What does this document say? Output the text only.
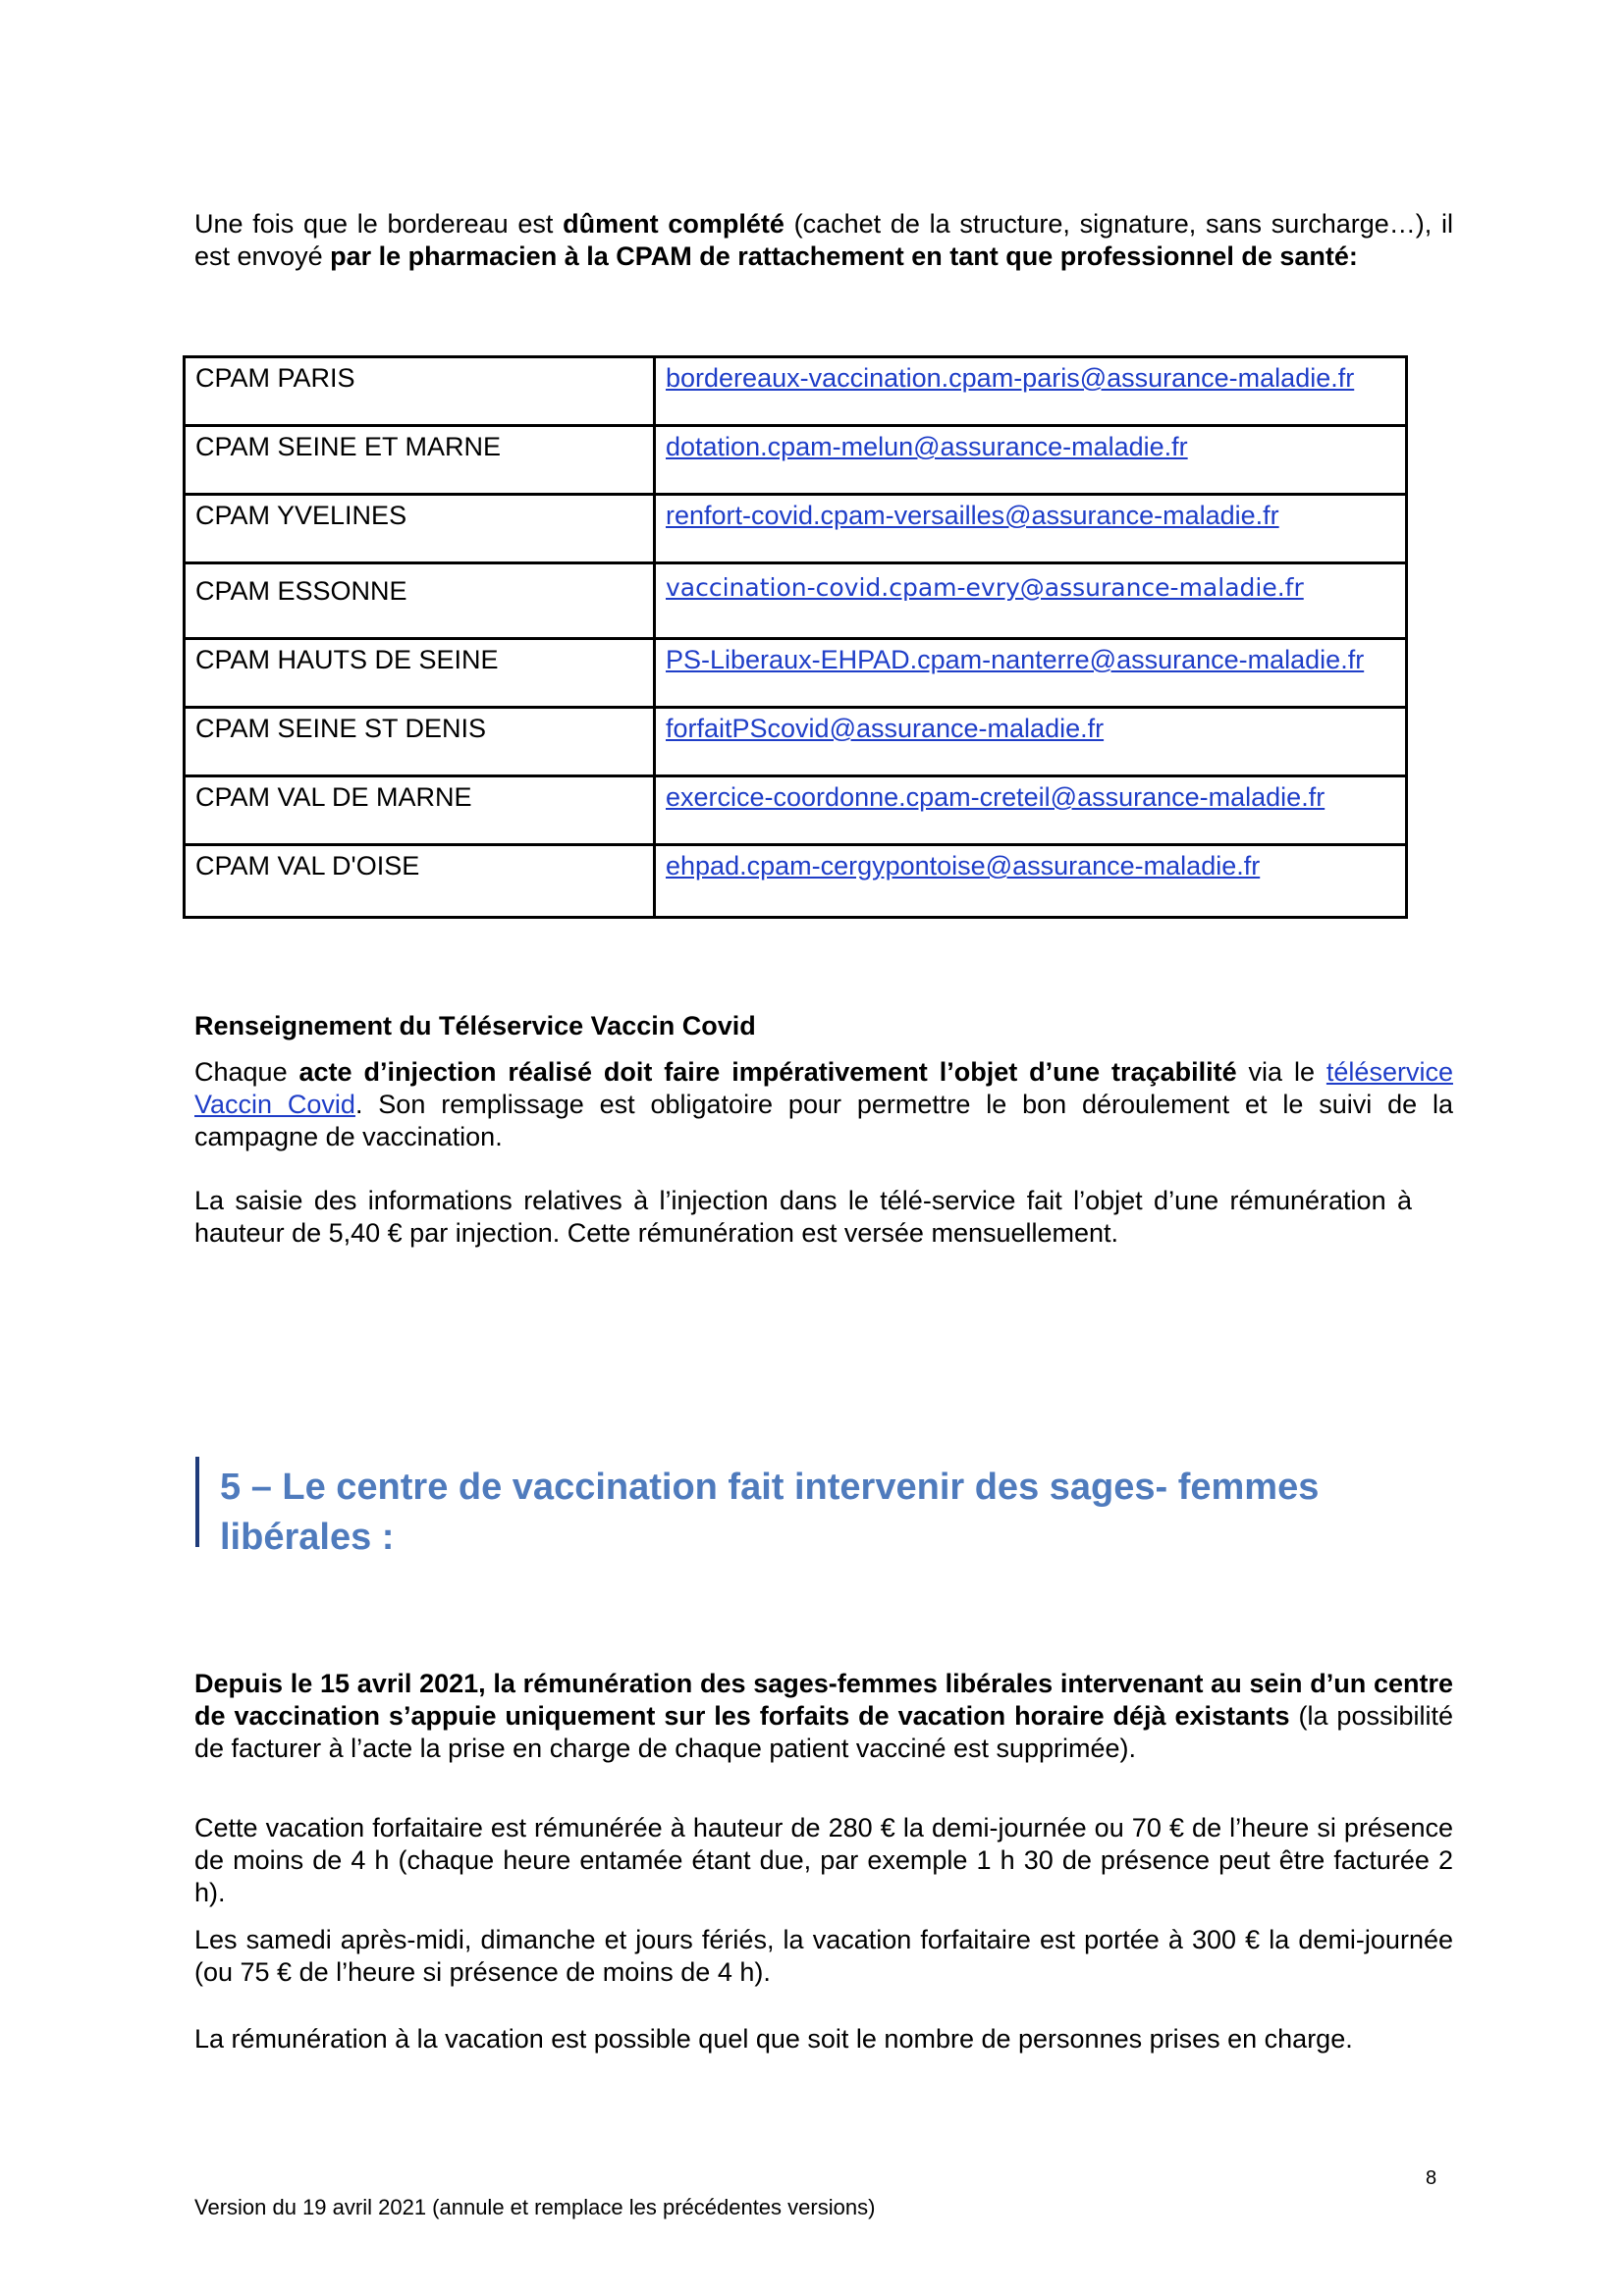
Une fois que le bordereau est dûment complété (cachet de la structure, signature, sans surcharge…), il est envoyé par le pharmacien à la CPAM de rattachement en tant que professionnel de santé:

CPAM PARIS	bordereaux-vaccination.cpam-paris@assurance-maladie.fr
CPAM SEINE ET MARNE	dotation.cpam-melun@assurance-maladie.fr
CPAM YVELINES	renfort-covid.cpam-versailles@assurance-maladie.fr
CPAM ESSONNE	vaccination-covid.cpam-evry@assurance-maladie.fr
CPAM HAUTS DE SEINE	PS-Liberaux-EHPAD.cpam-nanterre@assurance-maladie.fr
CPAM SEINE ST DENIS	forfaitPScovid@assurance-maladie.fr
CPAM VAL DE MARNE	exercice-coordonne.cpam-creteil@assurance-maladie.fr
CPAM VAL D'OISE	ehpad.cpam-cergypontoise@assurance-maladie.fr
Renseignement du Téléservice Vaccin Covid

Chaque acte d’injection réalisé doit faire impérativement l’objet d’une traçabilité via le téléservice Vaccin Covid. Son remplissage est obligatoire pour permettre le bon déroulement et le suivi de la campagne de vaccination.

La saisie des informations relatives à l’injection dans le télé-service fait l’objet d’une rémunération à hauteur de 5,40 € par injection. Cette rémunération est versée mensuellement.

5 – Le centre de vaccination fait intervenir des sages- femmes libérales :

Depuis le 15 avril 2021, la rémunération des sages-femmes libérales intervenant au sein d’un centre de vaccination s’appuie uniquement sur les forfaits de vacation horaire déjà existants (la possibilité de facturer à l’acte la prise en charge de chaque patient vacciné est supprimée).

Cette vacation forfaitaire est rémunérée à hauteur de 280 € la demi-journée ou 70 € de l’heure si présence de moins de 4 h (chaque heure entamée étant due, par exemple 1 h 30 de présence peut être facturée 2 h).

Les samedi après-midi, dimanche et jours fériés, la vacation forfaitaire est portée à 300 € la demi-journée (ou 75 € de l’heure si présence de moins de 4 h).

La rémunération à la vacation est possible quel que soit le nombre de personnes prises en charge.

8
Version du 19 avril 2021 (annule et remplace les précédentes versions)
